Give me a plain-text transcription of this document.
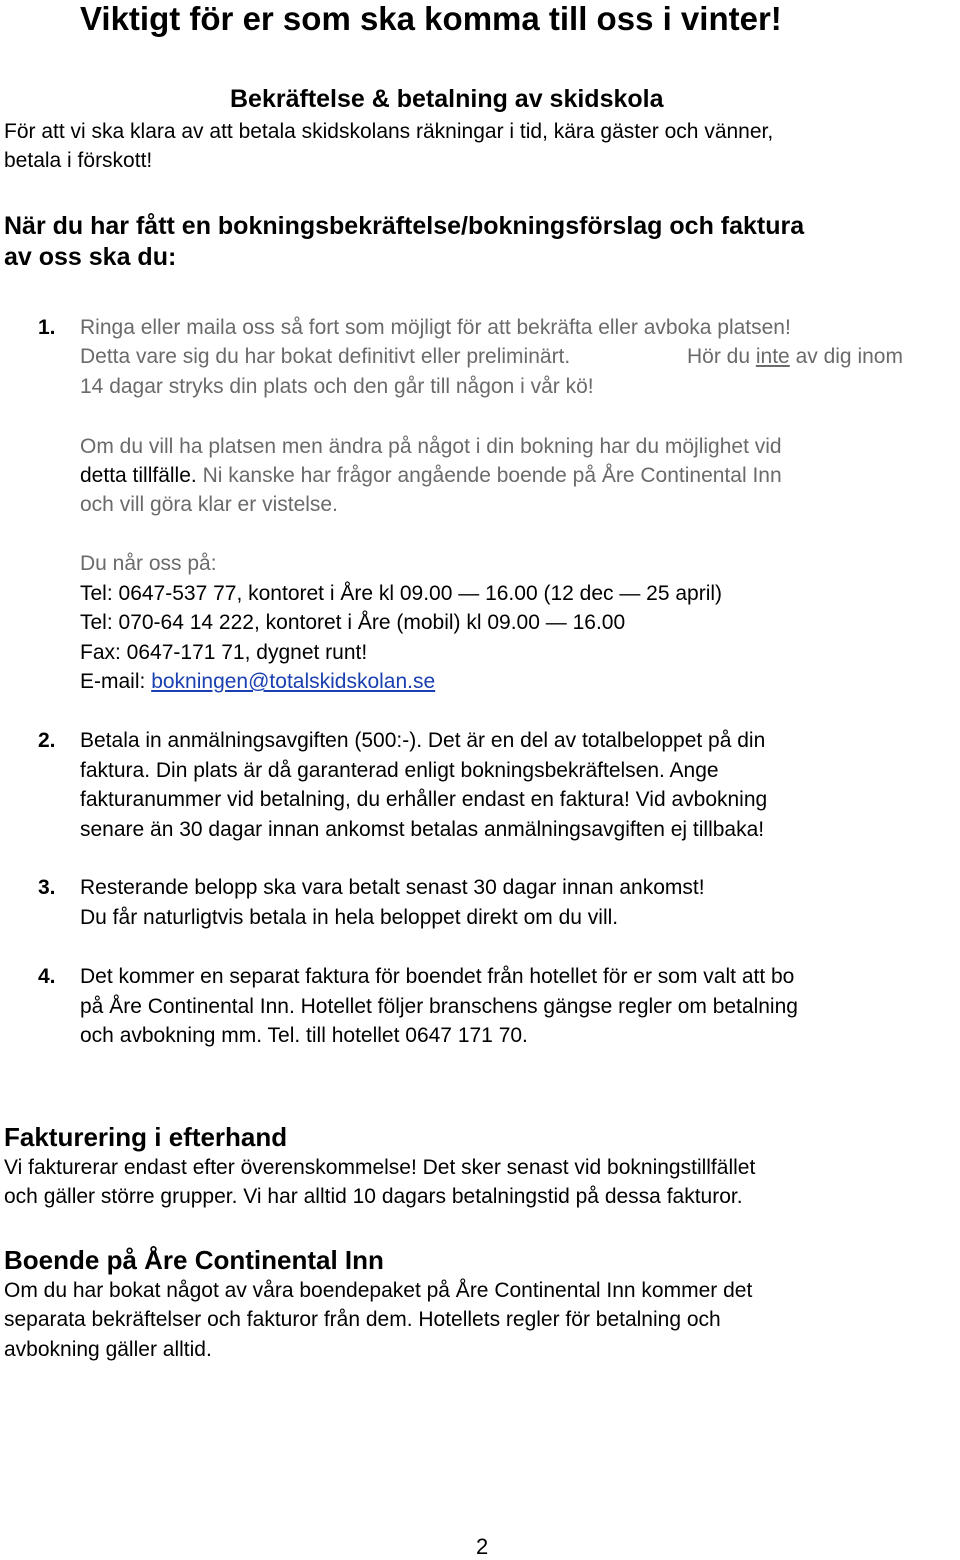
Viktigt för er som ska komma till oss i vinter!
Bekräftelse & betalning av skidskola

För att vi ska klara av att betala skidskolans räkningar i tid, kära gäster och vänner,

betala i förskott!

När du har fått en bokningsbekräftelse/bokningsförslag och faktura
av oss ska du:
1. Ringa eller maila oss så fort som möjligt för att bekräfta eller avboka platsen!

Detta vare sig du har bokat definitivt eller preliminärt.	Hör du inte av dig inom

14 dagar stryks din plats och den går till någon i vår kö!

Om du vill ha platsen men ändra på något i din bokning har du möjlighet vid

detta tillfälle. Ni kanske har frågor angående boende på Åre Continental Inn

och vill göra klar er vistelse.

Du når oss på:

Tel: 0647-537 77, kontoret i Åre kl 09.00 — 16.00 (12 dec — 25 april)

Tel: 070-64 14 222, kontoret i Åre (mobil) kl 09.00 — 16.00

Fax: 0647-171 71, dygnet runt!

E-mail: bokningen@totalskidskolan.se

2. Betala in anmälningsavgiften (500:-). Det är en del av totalbeloppet på din

faktura. Din plats är då garanterad enligt bokningsbekräftelsen. Ange

fakturanummer vid betalning, du erhåller endast en faktura! Vid avbokning

senare än 30 dagar innan ankomst betalas anmälningsavgiften ej tillbaka!

3. Resterande belopp ska vara betalt senast 30 dagar innan ankomst!

Du får naturligtvis betala in hela beloppet direkt om du vill.

4. Det kommer en separat faktura för boendet från hotellet för er som valt att bo

på Åre Continental Inn. Hotellet följer branschens gängse regler om betalning

och avbokning mm. Tel. till hotellet 0647 171 70.

Fakturering i efterhand

Vi fakturerar endast efter överenskommelse! Det sker senast vid bokningstillfället

och gäller större grupper. Vi har alltid 10 dagars betalningstid på dessa fakturor.

Boende på Åre Continental Inn

Om du har bokat något av våra boendepaket på Åre Continental Inn kommer det

separata bekräftelser och fakturor från dem. Hotellets regler för betalning och

avbokning gäller alltid.

2
